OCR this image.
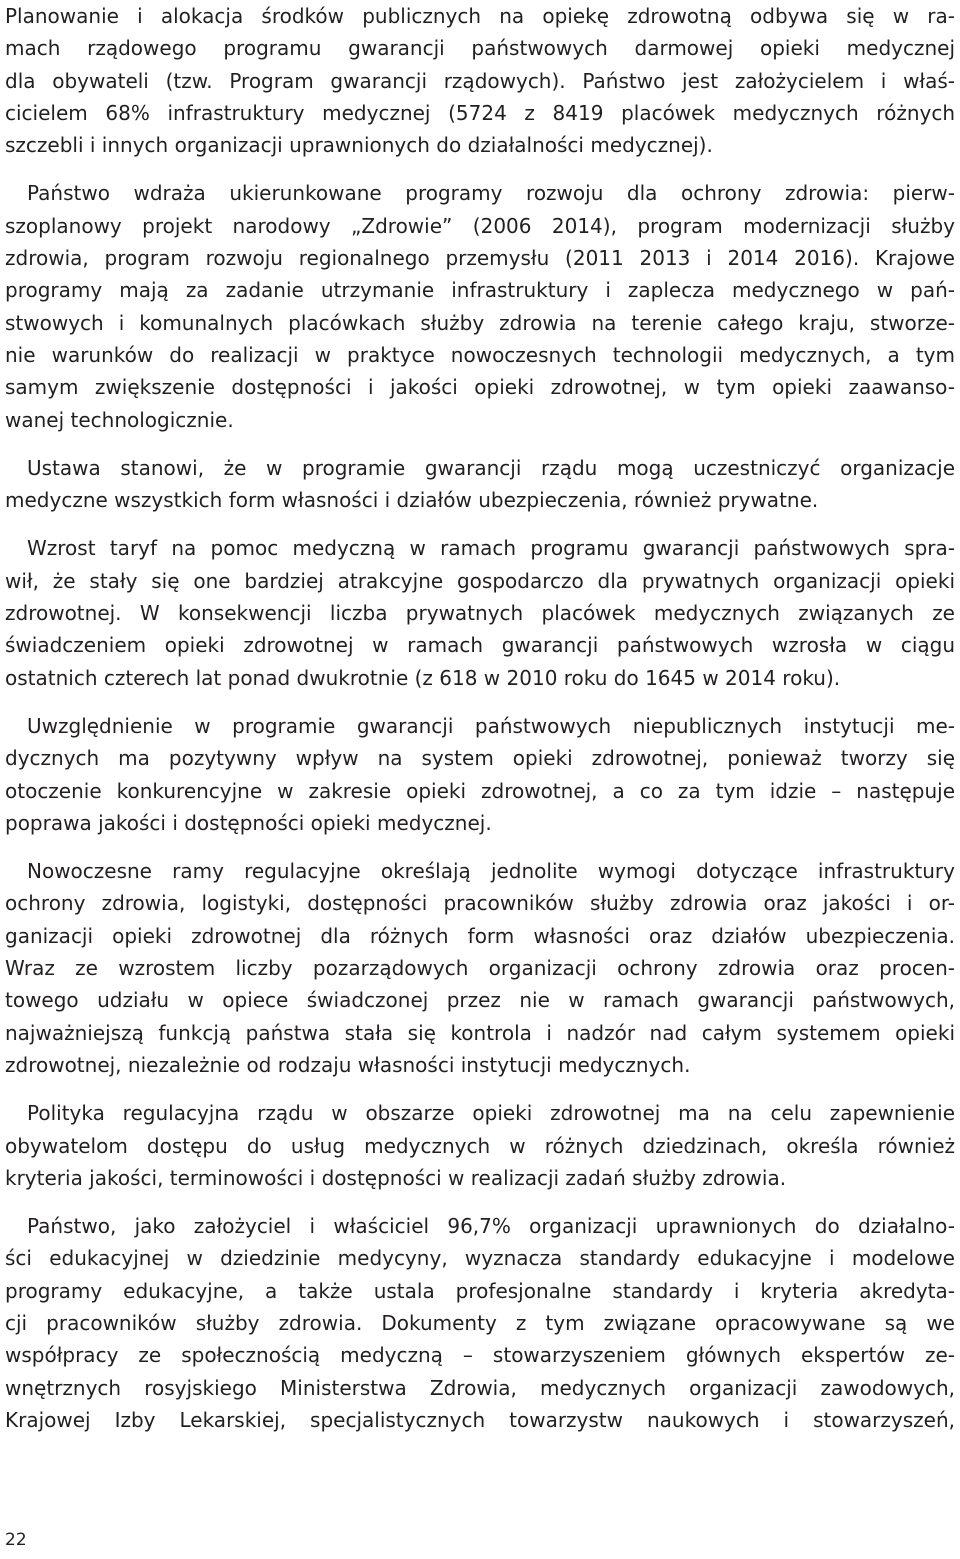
Planowanie i alokacja środków publicznych na opiekę zdrowotną odbywa się w ra-
mach rządowego programu gwarancji państwowych darmowej opieki medycznej
dla obywateli (tzw. Program gwarancji rządowych). Państwo jest założycielem i właś-
cicielem 68% infrastruktury medycznej (5724 z 8419 placówek medycznych różnych
szczebli i innych organizacji uprawnionych do działalności medycznej).
Państwo wdraża ukierunkowane programy rozwoju dla ochrony zdrowia: pierw-
szoplanowy projekt narodowy „Zdrowie” (2006 2014), program modernizacji służby
zdrowia, program rozwoju regionalnego przemysłu (2011 2013 i 2014 2016). Krajowe
programy mają za zadanie utrzymanie infrastruktury i zaplecza medycznego w pań-
stwowych i komunalnych placówkach służby zdrowia na terenie całego kraju, stworze-
nie warunków do realizacji w praktyce nowoczesnych technologii medycznych, a tym
samym zwiększenie dostępności i jakości opieki zdrowotnej, w tym opieki zaawanso-
wanej technologicznie.
Ustawa stanowi, że w programie gwarancji rządu mogą uczestniczyć organizacje
medyczne wszystkich form własności i działów ubezpieczenia, również prywatne.
Wzrost taryf na pomoc medyczną w ramach programu gwarancji państwowych spra-
wił, że stały się one bardziej atrakcyjne gospodarczo dla prywatnych organizacji opieki
zdrowotnej. W konsekwencji liczba prywatnych placówek medycznych związanych ze
świadczeniem opieki zdrowotnej w ramach gwarancji państwowych wzrosła w ciągu
ostatnich czterech lat ponad dwukrotnie (z 618 w 2010 roku do 1645 w 2014 roku).
Uwzględnienie w programie gwarancji państwowych niepublicznych instytucji me-
dycznych ma pozytywny wpływ na system opieki zdrowotnej, ponieważ tworzy się
otoczenie konkurencyjne w zakresie opieki zdrowotnej, a co za tym idzie – następuje
poprawa jakości i dostępności opieki medycznej.
Nowoczesne ramy regulacyjne określają jednolite wymogi dotyczące infrastruktury
ochrony zdrowia, logistyki, dostępności pracowników służby zdrowia oraz jakości i or-
ganizacji opieki zdrowotnej dla różnych form własności oraz działów ubezpieczenia.
Wraz ze wzrostem liczby pozarządowych organizacji ochrony zdrowia oraz procen-
towego udziału w opiece świadczonej przez nie w ramach gwarancji państwowych,
najważniejszą funkcją państwa stała się kontrola i nadzór nad całym systemem opieki
zdrowotnej, niezależnie od rodzaju własności instytucji medycznych.
Polityka regulacyjna rządu w obszarze opieki zdrowotnej ma na celu zapewnienie
obywatelom dostępu do usług medycznych w różnych dziedzinach, określa również
kryteria jakości, terminowości i dostępności w realizacji zadań służby zdrowia.
Państwo, jako założyciel i właściciel 96,7% organizacji uprawnionych do działalno-
ści edukacyjnej w dziedzinie medycyny, wyznacza standardy edukacyjne i modelowe
programy edukacyjne, a także ustala profesjonalne standardy i kryteria akredyta-
cji pracowników służby zdrowia. Dokumenty z tym związane opracowywane są we
współpracy ze społecznością medyczną – stowarzyszeniem głównych ekspertów ze-
wnętrznych rosyjskiego Ministerstwa Zdrowia, medycznych organizacji zawodowych,
Krajowej Izby Lekarskiej, specjalistycznych towarzystw naukowych i stowarzyszeń,
22
